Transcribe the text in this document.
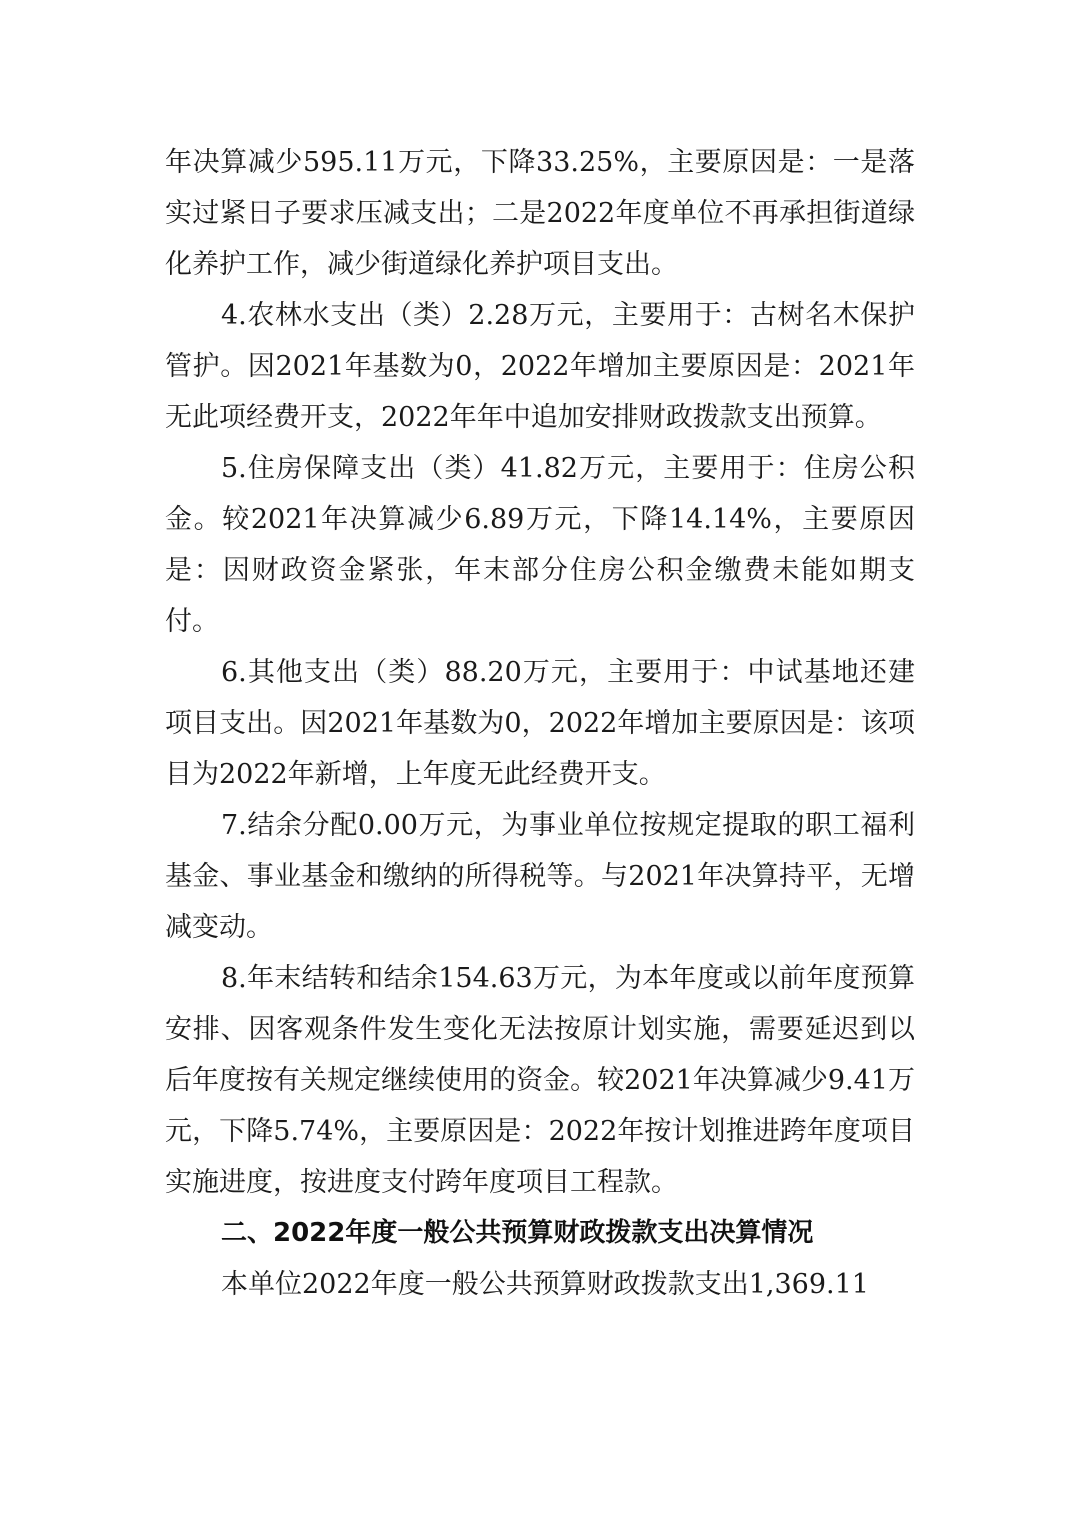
年决算减少595.11万元，下降33.25%，主要原因是：一是落实过紧日子要求压减支出；二是2022年度单位不再承担街道绿化养护工作，减少街道绿化养护项目支出。

4.农林水支出（类）2.28万元，主要用于：古树名木保护管护。因2021年基数为0，2022年增加主要原因是：2021年无此项经费开支，2022年年中追加安排财政拨款支出预算。

5.住房保障支出（类）41.82万元，主要用于：住房公积金。较2021年决算减少6.89万元，下降14.14%，主要原因是：因财政资金紧张，年末部分住房公积金缴费未能如期支付。

6.其他支出（类）88.20万元，主要用于：中试基地还建项目支出。因2021年基数为0，2022年增加主要原因是：该项目为2022年新增，上年度无此经费开支。

7.结余分配0.00万元，为事业单位按规定提取的职工福利基金、事业基金和缴纳的所得税等。与2021年决算持平，无增减变动。

8.年末结转和结余154.63万元，为本年度或以前年度预算安排、因客观条件发生变化无法按原计划实施，需要延迟到以后年度按有关规定继续使用的资金。较2021年决算减少9.41万元，下降5.74%，主要原因是：2022年按计划推进跨年度项目实施进度，按进度支付跨年度项目工程款。

二、2022年度一般公共预算财政拨款支出决算情况

本单位2022年度一般公共预算财政拨款支出1,369.11
